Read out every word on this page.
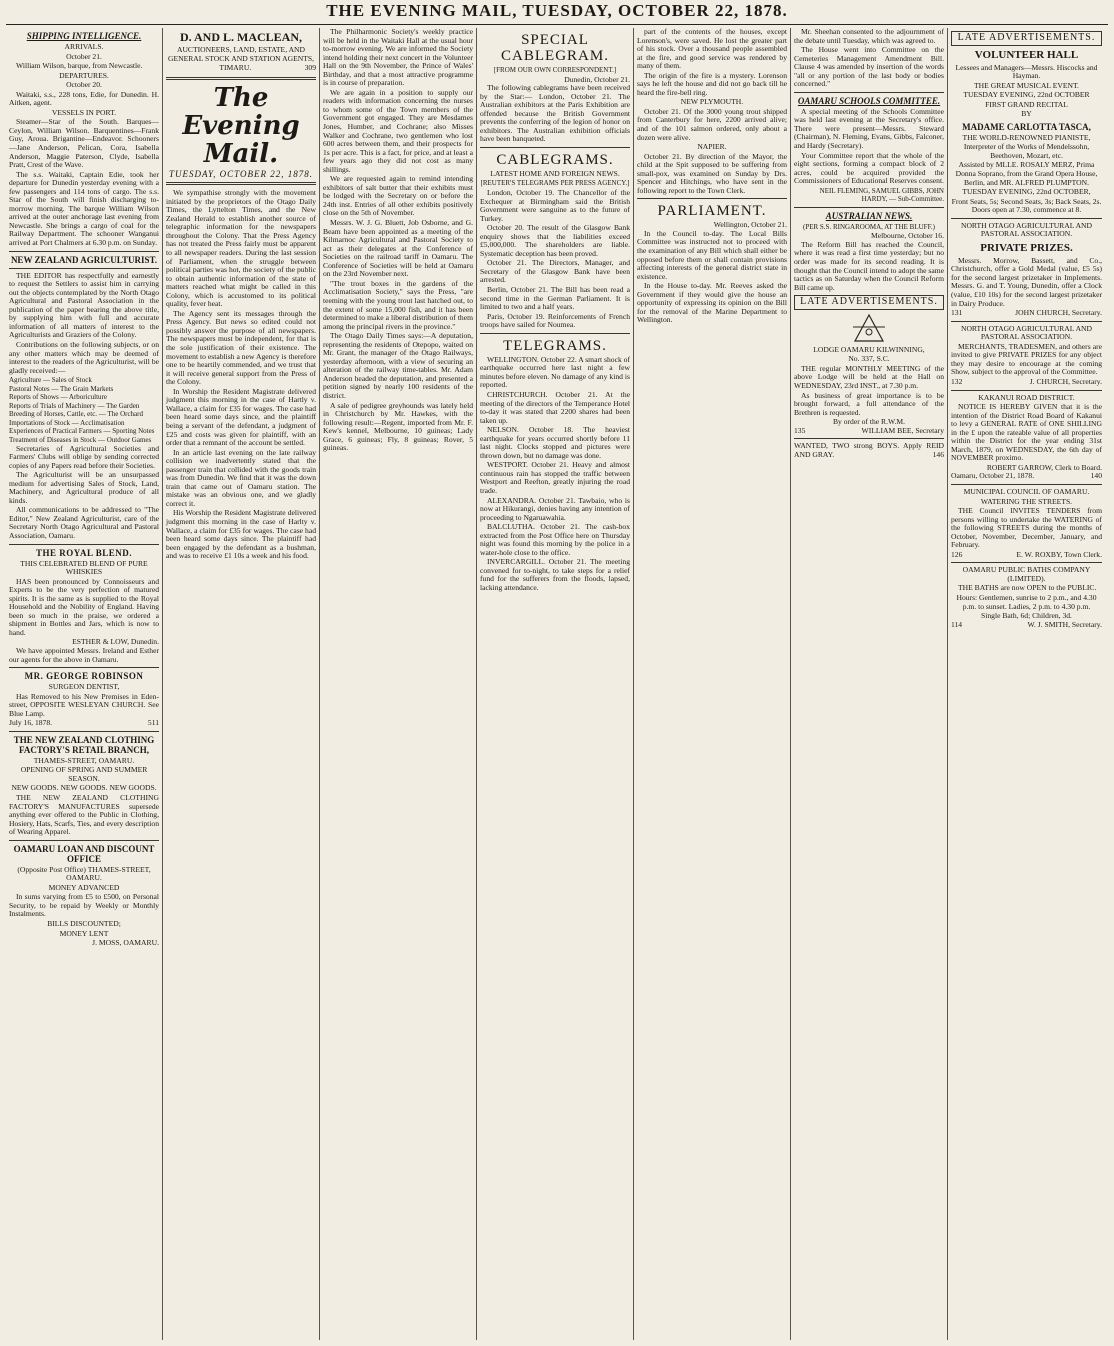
THE EVENING MAIL, TUESDAY, OCTOBER 22, 1878.
SHIPPING INTELLIGENCE.
ARRIVALS.
October 21.

William Wilson, barque, from Newcastle.

DEPARTURES.
October 20.

Waitaki, s.s., 228 tons, Edie, for Dunedin. H. Aitken, agent.

VESSELS IN PORT.

Steamer—Star of the South. Barques—Ceylon, William Wilson. Barquentines—Frank Guy, Aroua. Brigantine—Endeavor. Schooners—Jane Anderson, Pelican, Cora, Isabella Anderson, Maggie Paterson, Clyde, Isabella Pratt, Crest of the Wave.

The s.s. Waitaki, Captain Edie, took her departure for Dunedin yesterday evening with a few passengers and 114 tons of cargo. The s.s. Star of the South will finish discharging to-morrow morning. The barque William Wilson arrived at the outer anchorage last evening from Newcastle. She brings a cargo of coal for the Railway Department. The schooner Wanganui arrived at Port Chalmers at 6.30 p.m. on Sunday.

NEW ZEALAND AGRICULTURIST.

THE EDITOR has respectfully and earnestly to request the Settlers to assist him in carrying out the objects contemplated by the North Otago Agricultural and Pastoral Association in the publication of the paper bearing the above title, by supplying him with full and accurate information of all matters of interest to the Agriculturists and Graziers of the Colony.

Contributions on the following subjects, or on any other matters which may be deemed of interest to the readers of the Agriculturist, will be gladly received:—

Agriculture — Sales of Stock
Pastoral Notes — The Grain Markets
Reports of Shows — Arboriculture
Reports of Trials of Machinery — The Garden
Breeding of Horses, Cattle, etc. — The Orchard
Importations of Stock — Acclimatisation
Experiences of Practical Farmers — Sporting Notes
Treatment of Diseases in Stock — Outdoor Games

Secretaries of Agricultural Societies and Farmers' Clubs will oblige by sending corrected copies of any Papers read before their Societies.

The Agriculturist will be an unsurpassed medium for advertising Sales of Stock, Land, Machinery, and Agricultural produce of all kinds.

All communications to be addressed to "The Editor," New Zealand Agriculturist, care of the Secretary North Otago Agricultural and Pastoral Association, Oamaru.

THE ROYAL BLEND.
THIS CELEBRATED BLEND OF PURE WHISKIES

HAS been pronounced by Connoisseurs and Experts to be the very perfection of matured spirits. It is the same as is supplied to the Royal Household and the Nobility of England. Having been so much in the praise, we ordered a shipment in Bottles and Jars, which is now to hand.

ESTHER & LOW, Dunedin.

We have appointed Messrs. Ireland and Esther our agents for the above in Oamaru.

MR. GEORGE ROBINSON
SURGEON DENTIST,

Has Removed to his New Premises in Eden-street, OPPOSITE WESLEYAN CHURCH. See Blue Lamp.

July 16, 1878.	511
THE NEW ZEALAND CLOTHING FACTORY'S RETAIL BRANCH,
THAMES-STREET, OAMARU.
OPENING OF SPRING AND SUMMER SEASON.
NEW GOODS. NEW GOODS. NEW GOODS.

THE NEW ZEALAND CLOTHING FACTORY'S MANUFACTURES supersede anything ever offered to the Public in Clothing, Hosiery, Hats, Scarfs, Ties, and every description of Wearing Apparel.

OAMARU LOAN AND DISCOUNT OFFICE
(Opposite Post Office) THAMES-STREET, OAMARU.
MONEY ADVANCED

In sums varying from £5 to £500, on Personal Security, to be repaid by Weekly or Monthly Instalments.

BILLS DISCOUNTED;
MONEY LENT
J. MOSS, OAMARU.
D. AND L. MACLEAN,
AUCTIONEERS, LAND, ESTATE, AND GENERAL STOCK AND STATION AGENTS,
TIMARU.	309
The Evening Mail.
TUESDAY, OCTOBER 22, 1878.

We sympathise strongly with the movement initiated by the proprietors of the Otago Daily Times, the Lyttelton Times, and the New Zealand Herald to establish another source of telegraphic information for the newspapers throughout the Colony. That the Press Agency has not treated the Press fairly must be apparent to all newspaper readers. During the last session of Parliament, when the struggle between political parties was hot, the society of the public to obtain authentic information of the state of matters reached what might be called in this Colony, which is accustomed to its political quality, fever heat.

The Agency sent its messages through the Press Agency. But news so edited could not possibly answer the purpose of all newspapers. The newspapers must be independent, for that is the sole justification of their existence. The movement to establish a new Agency is therefore one to be heartily commended, and we trust that it will receive general support from the Press of the Colony.

In Worship the Resident Magistrate delivered judgment this morning in the case of Hartly v. Wallace, a claim for £35 for wages. The case had been heard some days since, and the plaintiff being a servant of the defendant, a judgment of £25 and costs was given for plaintiff, with an order that a remnant of the account be settled.

In an article last evening on the late railway collision we inadvertently stated that the passenger train that collided with the goods train was from Dunedin. We find that it was the down train that came out of Oamaru station. The mistake was an obvious one, and we gladly correct it.

His Worship the Resident Magistrate delivered judgment this morning in the case of Harlty v. Wallace, a claim for £35 for wages. The case had been heard some days since. The plaintiff had been engaged by the defendant as a bushman, and was to receive £1 10s a week and his food.

The Philharmonic Society's weekly practice will be held in the Waitaki Hall at the usual hour to-morrow evening. We are informed the Society intend holding their next concert in the Volunteer Hall on the 9th November, the Prince of Wales' Birthday, and that a most attractive programme is in course of preparation.

We are again in a position to supply our readers with information concerning the nurses to whom some of the Town members of the Government got engaged. They are Mesdames Jones, Humber, and Cochrane; also Misses Walker and Cochrane, two gentlemen who lost 600 acres between them, and their prospects for 1s per acre. This is a fact, for price, and at least a few years ago they did not cost as many shillings.

We are requested again to remind intending exhibitors of salt butter that their exhibits must be lodged with the Secretary on or before the 24th inst. Entries of all other exhibits positively close on the 5th of November.

Messrs. W. J. G. Bluett, Job Osborne, and G. Beam have been appointed as a meeting of the Kilmarnoc Agricultural and Pastoral Society to act as their delegates at the Conference of Societies on the railroad tariff in Oamaru. The Conference of Societies will be held at Oamaru on the 23rd November next.

"The trout boxes in the gardens of the Acclimatisation Society," says the Press, "are teeming with the young trout last hatched out, to the extent of some 15,000 fish, and it has been determined to make a liberal distribution of them among the principal rivers in the province."

The Otago Daily Times says:—A deputation, representing the residents of Otepopo, waited on Mr. Grant, the manager of the Otago Railways, yesterday afternoon, with a view of securing an alteration of the railway time-tables. Mr. Adam Anderson headed the deputation, and presented a petition signed by nearly 100 residents of the district.

A sale of pedigree greyhounds was lately held in Christchurch by Mr. Hawkes, with the following result:—Regent, imported from Mr. F. Kew's kennel, Melbourne, 10 guineas; Lady Grace, 6 guineas; Fly, 8 guineas; Rover, 5 guineas.

SPECIAL CABLEGRAM.
[FROM OUR OWN CORRESPONDENT.]
Dunedin, October 21.

The following cablegrams have been received by the Star:— London, October 21. The Australian exhibitors at the Paris Exhibition are offended because the British Government prevents the conferring of the legion of honor on exhibitors. The Australian exhibition officials have been banqueted.

CABLEGRAMS.
LATEST HOME AND FOREIGN NEWS.
[REUTER'S TELEGRAMS PER PRESS AGENCY.]

London, October 19. The Chancellor of the Exchequer at Birmingham said the British Government were sanguine as to the future of Turkey.

October 20. The result of the Glasgow Bank enquiry shows that the liabilities exceed £5,000,000. The shareholders are liable. Systematic deception has been proved.

October 21. The Directors, Manager, and Secretary of the Glasgow Bank have been arrested.

Berlin, October 21. The Bill has been read a second time in the German Parliament. It is limited to two and a half years.

Paris, October 19. Reinforcements of French troops have sailed for Noumea.

TELEGRAMS.

WELLINGTON. October 22. A smart shock of earthquake occurred here last night a few minutes before eleven. No damage of any kind is reported.

CHRISTCHURCH. October 21. At the meeting of the directors of the Temperance Hotel to-day it was stated that 2200 shares had been taken up.

NELSON. October 18. The heaviest earthquake for years occurred shortly before 11 last night. Clocks stopped and pictures were thrown down, but no damage was done.

WESTPORT. October 21. Heavy and almost continuous rain has stopped the traffic between Westport and Reefton, greatly injuring the road trade.

ALEXANDRA. October 21. Tawbaio, who is now at Hikurangi, denies having any intention of proceeding to Ngaruawahia.

BALCLUTHA. October 21. The cash-box extracted from the Post Office here on Thursday night was found this morning by the police in a water-hole close to the office.

INVERCARGILL. October 21. The meeting convened for to-night, to take steps for a relief fund for the sufferers from the floods, lapsed, lacking attendance.

part of the contents of the houses, except Lorenson's, were saved. He lost the greater part of his stock. Over a thousand people assembled at the fire, and good service was rendered by many of them.

The origin of the fire is a mystery. Lorenson says he left the house and did not go back till he heard the fire-bell ring.

NEW PLYMOUTH.

October 21. Of the 3000 young trout shipped from Canterbury for here, 2200 arrived alive; and of the 101 salmon ordered, only about a dozen were alive.

NAPIER.

October 21. By direction of the Mayor, the child at the Spit supposed to be suffering from small-pox, was examined on Sunday by Drs. Spencer and Hitchings, who have sent in the following report to the Town Clerk.

PARLIAMENT.
Wellington, October 21.

In the Council to-day. The Local Bills Committee was instructed not to proceed with the examination of any Bill which shall either be opposed before them or shall contain provisions affecting interests of the general district state in existence.

In the House to-day. Mr. Reeves asked the Government if they would give the house an opportunity of expressing its opinion on the Bill for the removal of the Marine Department to Wellington.

Mr. Sheehan consented to the adjournment of the debate until Tuesday, which was agreed to.

The House went into Committee on the Cemeteries Management Amendment Bill. Clause 4 was amended by insertion of the words "all or any portion of the last body or bodies concerned."

OAMARU SCHOOLS COMMITTEE.

A special meeting of the Schools Committee was held last evening at the Secretary's office. There were present—Messrs. Steward (Chairman), N. Fleming, Evans, Gibbs, Falconer, and Hardy (Secretary).

Your Committee report that the whole of the eight sections, forming a compact block of 2 acres, could be acquired provided the Commissioners of Educational Reserves consent.

NEIL FLEMING, SAMUEL GIBBS, JOHN HARDY, — Sub-Committee.
AUSTRALIAN NEWS.
(PER S.S. RINGAROOMA, AT THE BLUFF.)
Melbourne, October 16.

The Reform Bill has reached the Council, where it was read a first time yesterday; but no order was made for its second reading. It is thought that the Council intend to adopt the same tactics as on Saturday when the Council Reform Bill came up.

LATE ADVERTISEMENTS.
LODGE OAMARU KILWINNING,
No. 337, S.C.

THE regular MONTHLY MEETING of the above Lodge will be held at the Hall on WEDNESDAY, 23rd INST., at 7.30 p.m.

As business of great importance is to be brought forward, a full attendance of the Brethren is requested.

By order of the R.W.M.
135	WILLIAM BEE, Secretary
WANTED, TWO strong BOYS. Apply REID AND GRAY.	146
LATE ADVERTISEMENTS.
VOLUNTEER HALL

Lessees and Managers—Messrs. Hiscocks and Hayman.

THE GREAT MUSICAL EVENT.
TUESDAY EVENING, 22nd OCTOBER
FIRST GRAND RECITAL
BY
MADAME CARLOTTA TASCA,
THE WORLD-RENOWNED PIANISTE,

Interpreter of the Works of Mendelssohn, Beethoven, Mozart, etc.

Assisted by MLLE. ROSALY MERZ, Prima Donna Soprano, from the Grand Opera House, Berlin, and MR. ALFRED PLUMPTON.

TUESDAY EVENING, 22nd OCTOBER,

Front Seats, 5s; Second Seats, 3s; Back Seats, 2s. Doors open at 7.30, commence at 8.

NORTH OTAGO AGRICULTURAL AND PASTORAL ASSOCIATION.
PRIVATE PRIZES.

Messrs. Morrow, Bassett, and Co., Christchurch, offer a Gold Medal (value, £5 5s) for the second largest prizetaker in Implements. Messrs. G. and T. Young, Dunedin, offer a Clock (value, £10 10s) for the second largest prizetaker in Dairy Produce.

131	JOHN CHURCH, Secretary.
NORTH OTAGO AGRICULTURAL AND PASTORAL ASSOCIATION.

MERCHANTS, TRADESMEN, and others are invited to give PRIVATE PRIZES for any object they may desire to encourage at the coming Show, subject to the approval of the Committee.

132	J. CHURCH, Secretary.
KAKANUI ROAD DISTRICT.

NOTICE IS HEREBY GIVEN that it is the intention of the District Road Board of Kakanui to levy a GENERAL RATE of ONE SHILLING in the £ upon the rateable value of all properties within the District for the year ending 31st March, 1879, on WEDNESDAY, the 6th day of NOVEMBER proximo.

ROBERT GARROW, Clerk to Board.
Oamaru, October 21, 1878.	140
MUNICIPAL COUNCIL OF OAMARU.
WATERING THE STREETS.

THE Council INVITES TENDERS from persons willing to undertake the WATERING of the following STREETS during the months of October, November, December, January, and February.

126	E. W. ROXBY, Town Clerk.
OAMARU PUBLIC BATHS COMPANY (LIMITED).

THE BATHS are now OPEN to the PUBLIC.

Hours: Gentlemen, sunrise to 2 p.m., and 4.30 p.m. to sunset. Ladies, 2 p.m. to 4.30 p.m.

Single Bath, 6d; Children, 3d.
114	W. J. SMITH, Secretary.
